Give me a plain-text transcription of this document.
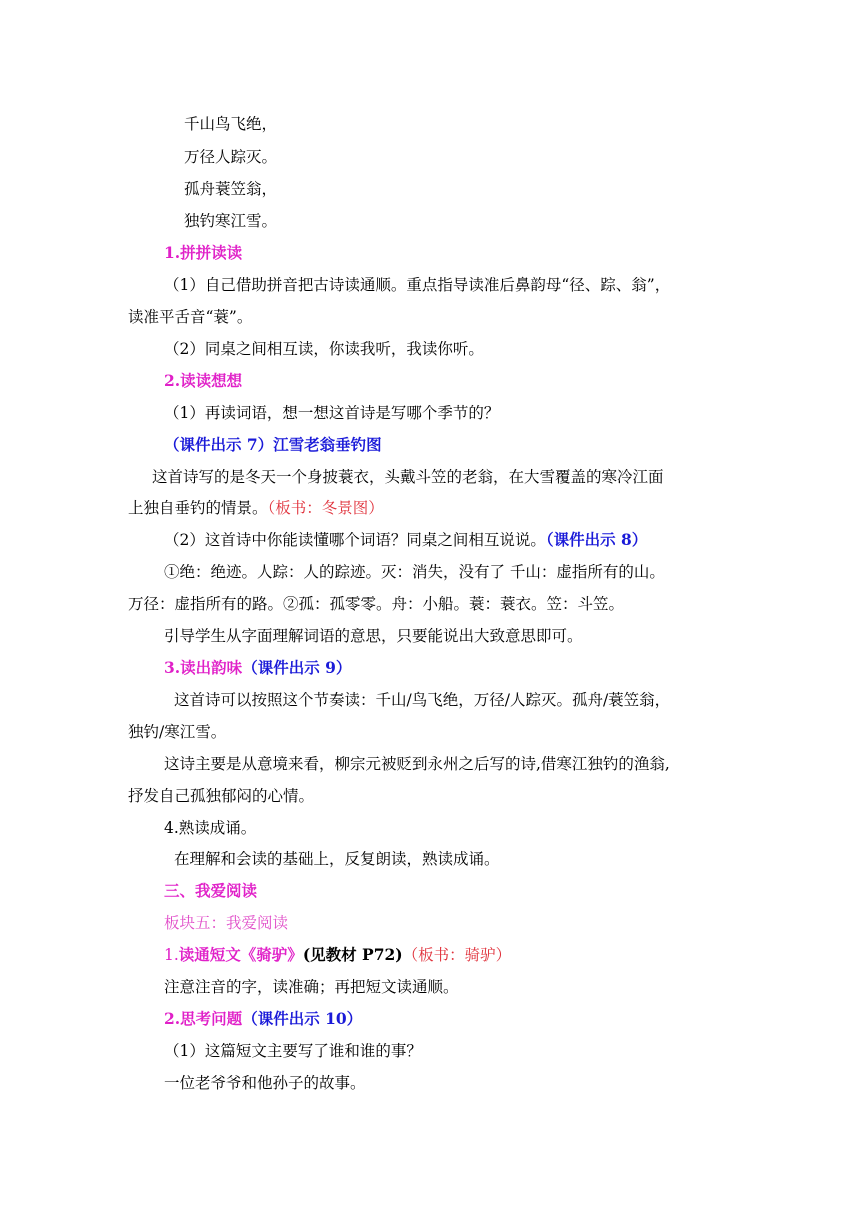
千山鸟飞绝，
万径人踪灭。
孤舟蓑笠翁，
独钓寒江雪。
1.拼拼读读
（1）自己借助拼音把古诗读通顺。重点指导读准后鼻韵母“径、踪、翁”，
读准平舌音“蓑”。
（2）同桌之间相互读，你读我听，我读你听。
2.读读想想
（1）再读词语，想一想这首诗是写哪个季节的？
（课件出示 7）江雪老翁垂钓图
这首诗写的是冬天一个身披蓑衣，头戴斗笠的老翁，在大雪覆盖的寒冷江面
上独自垂钓的情景。（板书：冬景图）
（2）这首诗中你能读懂哪个词语？同桌之间相互说说。（课件出示 8）
①绝：绝迹。人踪：人的踪迹。灭：消失，没有了 千山：虚指所有的山。
万径：虚指所有的路。②孤：孤零零。舟：小船。蓑：蓑衣。笠：斗笠。
引导学生从字面理解词语的意思，只要能说出大致意思即可。
3.读出韵味（课件出示 9）
这首诗可以按照这个节奏读：千山/鸟飞绝，万径/人踪灭。孤舟/蓑笠翁，
独钓/寒江雪。
这诗主要是从意境来看，柳宗元被贬到永州之后写的诗,借寒江独钓的渔翁,
抒发自己孤独郁闷的心情。
4.熟读成诵。
在理解和会读的基础上，反复朗读，熟读成诵。
三、我爱阅读
板块五：我爱阅读
1.读通短文《骑驴》(见教材 P72)（板书：骑驴）
注意注音的字，读准确；再把短文读通顺。
2.思考问题（课件出示 10）
（1）这篇短文主要写了谁和谁的事？
一位老爷爷和他孙子的故事。
